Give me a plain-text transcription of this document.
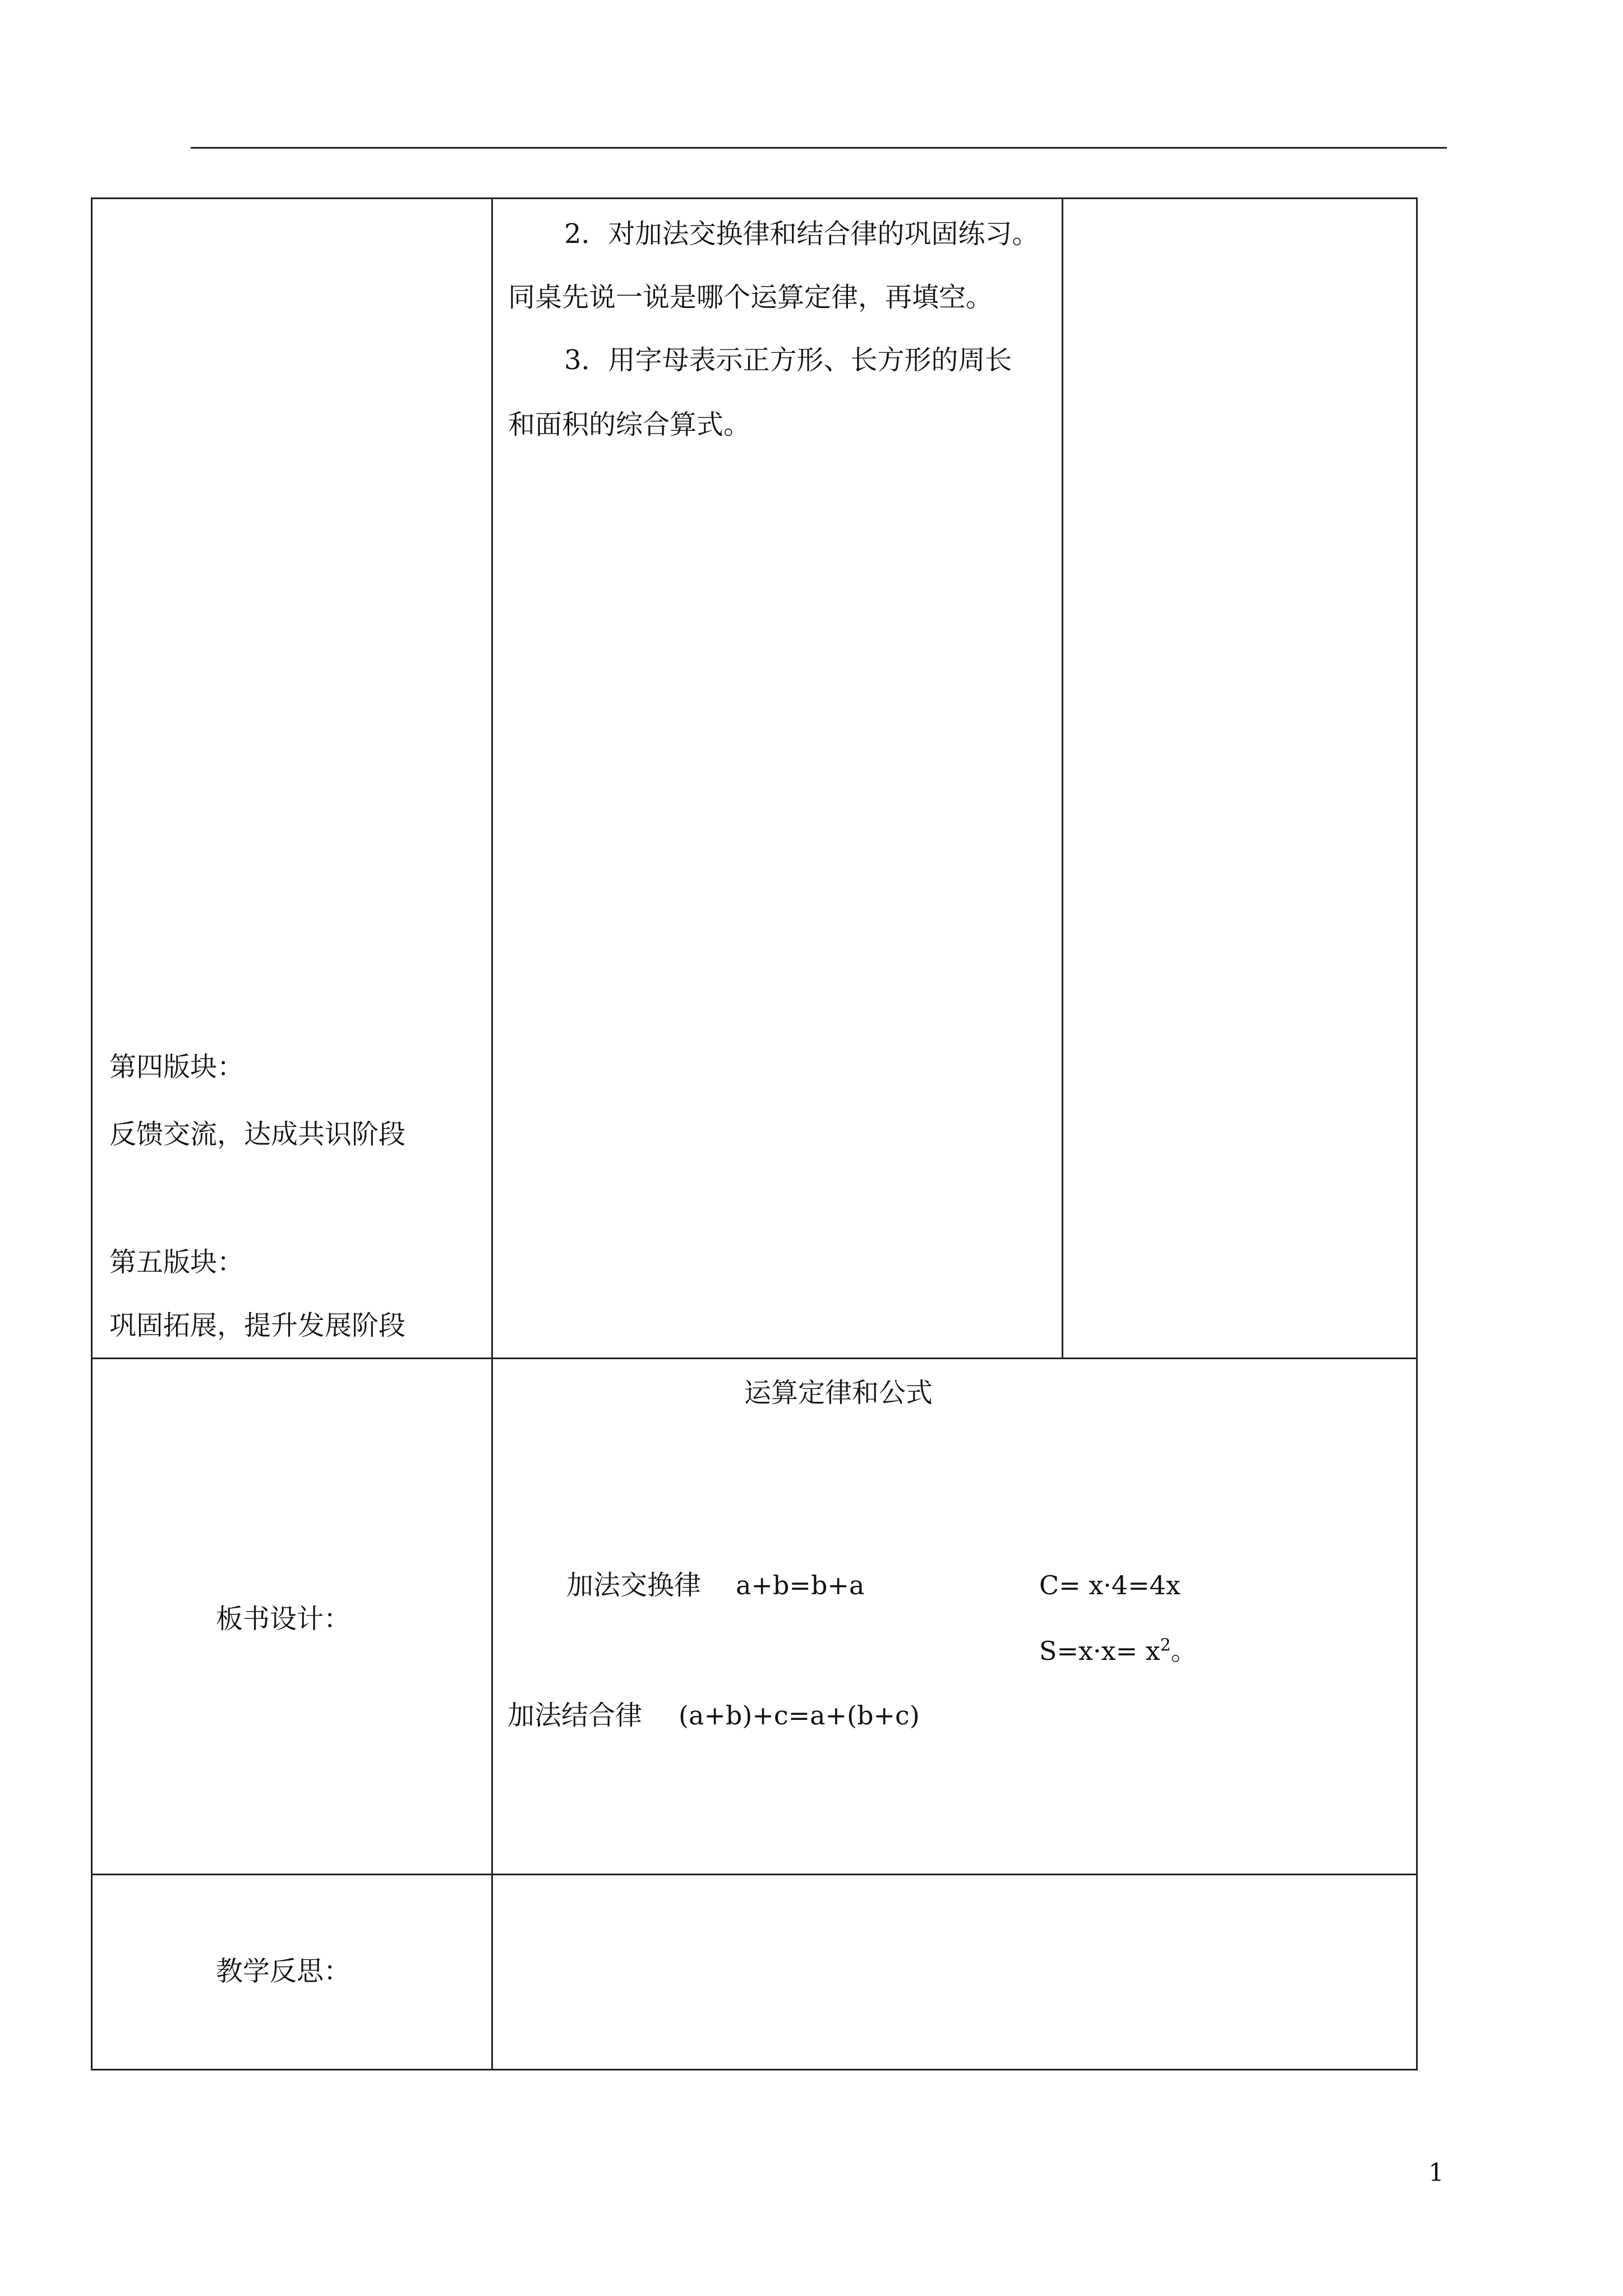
第四版块：
反馈交流，达成共识阶段
第五版块：
巩固拓展，提升发展阶段
2．对加法交换律和结合律的巩固练习。
同桌先说一说是哪个运算定律，再填空。
3．用字母表示正方形、长方形的周长
和面积的综合算式。
板书设计：
运算定律和公式
加法交换律 a+b=b+a	C= x·4=4x
$S=x\cdot x= x^2$。
加法结合律 (a+b)+c=a+(b+c)
教学反思：
1
